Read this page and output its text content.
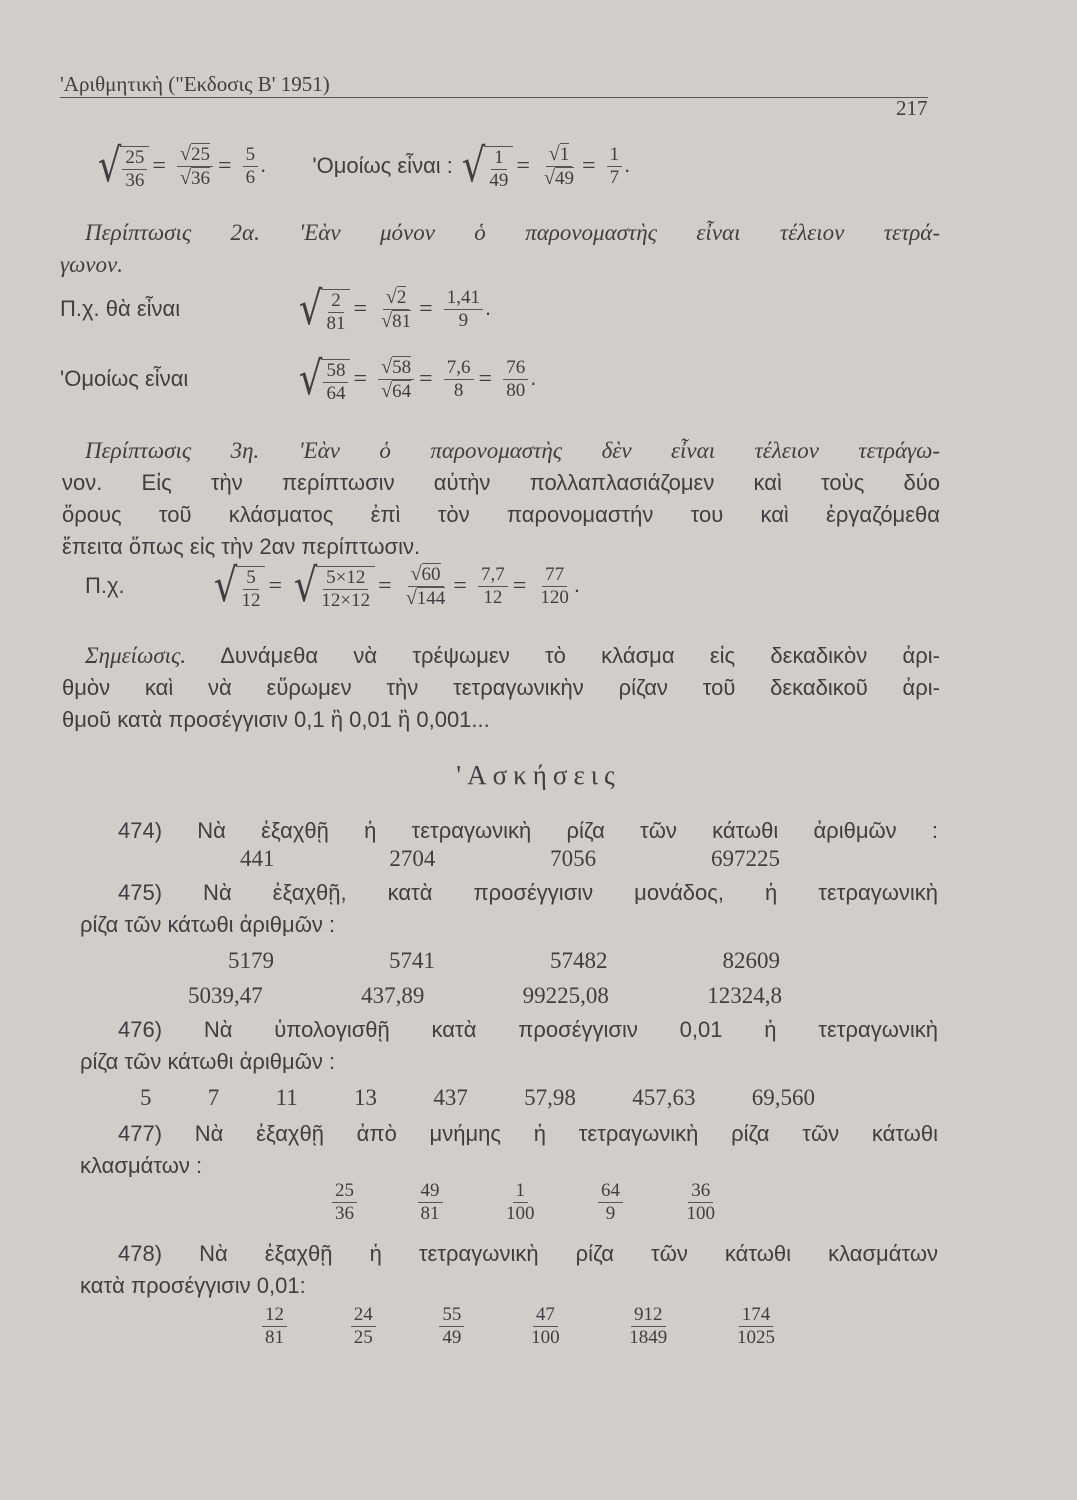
'Αριθμητικὴ ("Εκδοσις Β' 1951)
217
√ $\frac{25}{36} = \frac{√25}{√36} = \frac{5}{6}$ . 'Ομοίως εἶναι : √ $\frac{1}{49} = \frac{√1}{√49} = \frac{1}{7}$ .
Περίπτωσις 2α. 'Εὰν μόνον ὁ παρονομαστὴς εἶναι τέλειον τετρά-
γωνον.
Π.χ. θὰ εἶναι	√ $\frac{2}{81} = \frac{√2}{√81} = \frac{1,41}{9}$ .
'Ομοίως εἶναι √ $\frac{58}{64} = \frac{√58}{√64} = \frac{7,6}{8} = \frac{76}{80}$ .
Περίπτωσις 3η. 'Εὰν ὁ παρονομαστὴς δὲν εἶναι τέλειον τετράγω-
νον. Εἰς τὴν περίπτωσιν αὐτὴν πολλαπλασιάζομεν καὶ τοὺς δύο
ὅρους τοῦ κλάσματος ἐπὶ τὸν παρονομαστήν του καὶ ἐργαζόμεθα
ἔπειτα ὅπως εἰς τὴν 2αν περίπτωσιν.
Π.χ. √ $\frac{5}{12}$ = √ $\frac{5\times 12}{12\times 12} = \frac{√60}{√144} = \frac{7,7}{12} = \frac{77}{120}$ .
Σημείωσις. Δυνάμεθα νὰ τρέψωμεν τὸ κλάσμα εἰς δεκαδικὸν ἀρι-
θμὸν καὶ νὰ εὕρωμεν τὴν τετραγωνικὴν ρίζαν τοῦ δεκαδικοῦ ἀρι-
θμοῦ κατὰ προσέγγισιν 0,1 ἢ 0,01 ἢ 0,001...
'Ασκήσεις
474) Νὰ ἐξαχθῇ ἡ τετραγωνικὴ ρίζα τῶν κάτωθι ἀριθμῶν :
441	2704	7056	697225
475) Νὰ ἐξαχθῇ, κατὰ προσέγγισιν μονάδος, ἡ τετραγωνικὴ
ρίζα τῶν κάτωθι ἀριθμῶν :
5179	5741	57482	82609
5039,47	437,89	99225,08	12324,8
476) Νὰ ὑπολογισθῇ κατὰ προσέγγισιν 0,01 ἡ τετραγωνικὴ
ρίζα τῶν κάτωθι ἀριθμῶν :
5 7 11 13 437 57,98 457,63 69,560
477) Νὰ ἐξαχθῇ ἀπὸ μνήμης ἡ τετραγωνικὴ ρίζα τῶν κάτωθι
κλασμάτων :
$\frac{25}{36}$	$\frac{49}{81}$	$\frac{1}{100}$	$\frac{64}{9}$	$\frac{36}{100}$
478) Νὰ ἐξαχθῇ ἡ τετραγωνικὴ ρίζα τῶν κάτωθι κλασμάτων
κατὰ προσέγγισιν 0,01:
$\frac{12}{81}$	$\frac{24}{25}$	$\frac{55}{49}$	$\frac{47}{100}$	$\frac{912}{1849}$	$\frac{174}{1025}$
